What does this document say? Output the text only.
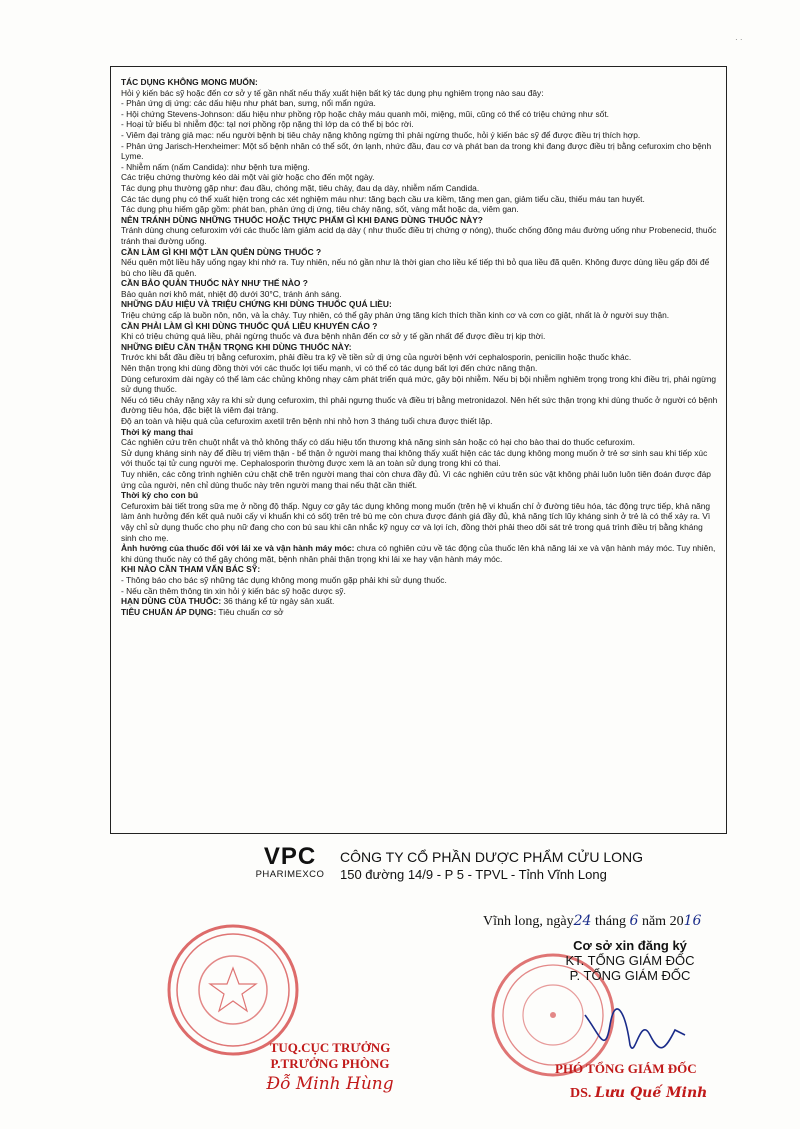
TÁC DỤNG KHÔNG MONG MUỐN:

Hỏi ý kiến bác sỹ hoặc đến cơ sở y tế gần nhất nếu thấy xuất hiện bất kỳ tác dụng phụ nghiêm trọng nào sau đây:

- Phản ứng dị ứng: các dấu hiệu như phát ban, sưng, nổi mẩn ngứa.

- Hội chứng Stevens-Johnson: dấu hiệu như phồng rộp hoặc chảy máu quanh môi, miệng, mũi, cũng có thể có triệu chứng như sốt.

- Hoại tử biểu bì nhiễm độc: tạI nơi phồng rộp nặng thì lớp da có thể bị bóc rời.

- Viêm đại tràng giả mạc: nếu người bệnh bị tiêu chảy nặng không ngừng thì phải ngừng thuốc, hỏi ý kiến bác sỹ để được điều trị thích hợp.

- Phản ứng Jarisch-Herxheimer: Một số bệnh nhân có thể sốt, ớn lạnh, nhức đầu, đau cơ và phát ban da trong khi đang được điều trị bằng cefuroxim cho bệnh Lyme.

- Nhiễm nấm (nấm Candida): như bệnh tưa miệng.

Các triệu chứng thường kéo dài một vài giờ hoặc cho đến một ngày.

Tác dụng phụ thường gặp như: đau đầu, chóng mặt, tiêu chảy, đau dạ dày, nhiễm nấm Candida.

Các tác dụng phụ có thể xuất hiện trong các xét nghiệm máu như: tăng bạch cầu ưa kiềm, tăng men gan, giảm tiểu cầu, thiếu máu tan huyết.

Tác dụng phụ hiếm gặp gồm: phát ban, phản ứng dị ứng, tiêu chảy nặng, sốt, vàng mắt hoặc da, viêm gan.

NÊN TRÁNH DÙNG NHỮNG THUỐC HOẶC THỰC PHẨM GÌ KHI ĐANG DÙNG THUỐC NÀY?

Tránh dùng chung cefuroxim với các thuốc làm giảm acid dạ dày ( như thuốc điều trị chứng ợ nóng), thuốc chống đông máu đường uống như Probenecid, thuốc tránh thai đường uống.

CẦN LÀM GÌ KHI MỘT LẦN QUÊN DÙNG THUỐC ?

Nếu quên một liều hãy uống ngay khi nhớ ra. Tuy nhiên, nếu nó gần như là thời gian cho liều kế tiếp thì bỏ qua liều đã quên. Không được dùng liều gấp đôi để bù cho liều đã quên.

CẦN BẢO QUẢN THUỐC NÀY NHƯ THẾ NÀO ?

Bảo quản nơi khô mát, nhiệt độ dưới 30°C, tránh ánh sáng.

NHỮNG DẤU HIỆU VÀ TRIỆU CHỨNG KHI DÙNG THUỐC QUÁ LIỀU:

Triệu chứng cấp là buồn nôn, nôn, và ỉa chảy. Tuy nhiên, có thể gây phản ứng tăng kích thích thần kinh cơ và cơn co giật, nhất là ở người suy thận.

CẦN PHẢI LÀM GÌ KHI DÙNG THUỐC QUÁ LIỀU KHUYẾN CÁO ?

Khi có triệu chứng quá liều, phải ngừng thuốc và đưa bệnh nhân đến cơ sở y tế gần nhất để được điều trị kịp thời.

NHỮNG ĐIỀU CẦN THẬN TRỌNG KHI DÙNG THUỐC NÀY:

Trước khi bắt đầu điều trị bằng cefuroxim, phải điều tra kỹ về tiền sử dị ứng của người bệnh với cephalosporin, penicilin hoặc thuốc khác.

Nên thận trọng khi dùng đồng thời với các thuốc lợi tiểu mạnh, vì có thể có tác dụng bất lợi đến chức năng thận.

Dùng cefuroxim dài ngày có thể làm các chủng không nhạy cảm phát triển quá mức, gây bội nhiễm. Nếu bị bội nhiễm nghiêm trọng trong khi điều trị, phải ngừng sử dụng thuốc.

Nếu có tiêu chảy nặng xảy ra khi sử dụng cefuroxim, thì phải ngưng thuốc và điều trị bằng metronidazol. Nên hết sức thận trọng khi dùng thuốc ở người có bệnh đường tiêu hóa, đặc biệt là viêm đại tràng.

Độ an toàn và hiệu quả của cefuroxim axetil trên bệnh nhi nhỏ hơn 3 tháng tuổi chưa được thiết lập.

Thời kỳ mang thai

Các nghiên cứu trên chuột nhắt và thỏ không thấy có dấu hiệu tổn thương khả năng sinh sản hoặc có hại cho bào thai do thuốc cefuroxim.

Sử dụng kháng sinh này để điều trị viêm thận - bể thận ở người mang thai không thấy xuất hiện các tác dụng không mong muốn ở trẻ sơ sinh sau khi tiếp xúc với thuốc tại tử cung người mẹ. Cephalosporin thường được xem là an toàn sử dụng trong khi có thai.

Tuy nhiên, các công trình nghiên cứu chặt chẽ trên người mang thai còn chưa đầy đủ. Vì các nghiên cứu trên súc vật không phải luôn luôn tiên đoán được đáp ứng của người, nên chỉ dùng thuốc này trên người mang thai nếu thật cần thiết.

Thời kỳ cho con bú

Cefuroxim bài tiết trong sữa mẹ ở nồng độ thấp. Nguy cơ gây tác dụng không mong muốn (trên hệ vi khuẩn chí ở đường tiêu hóa, tác động trực tiếp, khả năng làm ảnh hưởng đến kết quả nuôi cấy vi khuẩn khi có sốt) trên trẻ bú mẹ còn chưa được đánh giá đầy đủ, khả năng tích lũy kháng sinh ở trẻ là có thể xảy ra. Vì vậy chỉ sử dụng thuốc cho phụ nữ đang cho con bú sau khi cân nhắc kỹ nguy cơ và lợi ích, đồng thời phải theo dõi sát trẻ trong quá trình điều trị bằng kháng sinh cho mẹ.

Ảnh hưởng của thuốc đối với lái xe và vận hành máy móc: chưa có nghiên cứu về tác động của thuốc lên khả năng lái xe và vận hành máy móc. Tuy nhiên, khi dùng thuốc này có thể gây chóng mặt, bệnh nhân phải thận trọng khi lái xe hay vận hành máy móc.

KHI NÀO CẦN THAM VẤN BÁC SỸ:

- Thông báo cho bác sỹ những tác dụng không mong muốn gặp phải khi sử dụng thuốc.

- Nếu cần thêm thông tin xin hỏi ý kiến bác sỹ hoặc dược sỹ.

HẠN DÙNG CỦA THUỐC: 36 tháng kể từ ngày sản xuất.

TIÊU CHUẨN ÁP DỤNG: Tiêu chuẩn cơ sở

VPC
PHARIMEXCO
CÔNG TY CỔ PHẦN DƯỢC PHẨM CỬU LONG
150 đường 14/9 - P 5 - TPVL - Tỉnh Vĩnh Long
Vĩnh long, ngày24 tháng 6 năm 2016
Cơ sở xin đăng ký
KT. TỔNG GIÁM ĐỐC
P. TỔNG GIÁM ĐỐC
PHÓ TỔNG GIÁM ĐỐC
DS. Lưu Quế Minh
TUQ.CỤC TRƯỞNG
P.TRƯỞNG PHÒNG
Đỗ Minh Hùng
· ·
